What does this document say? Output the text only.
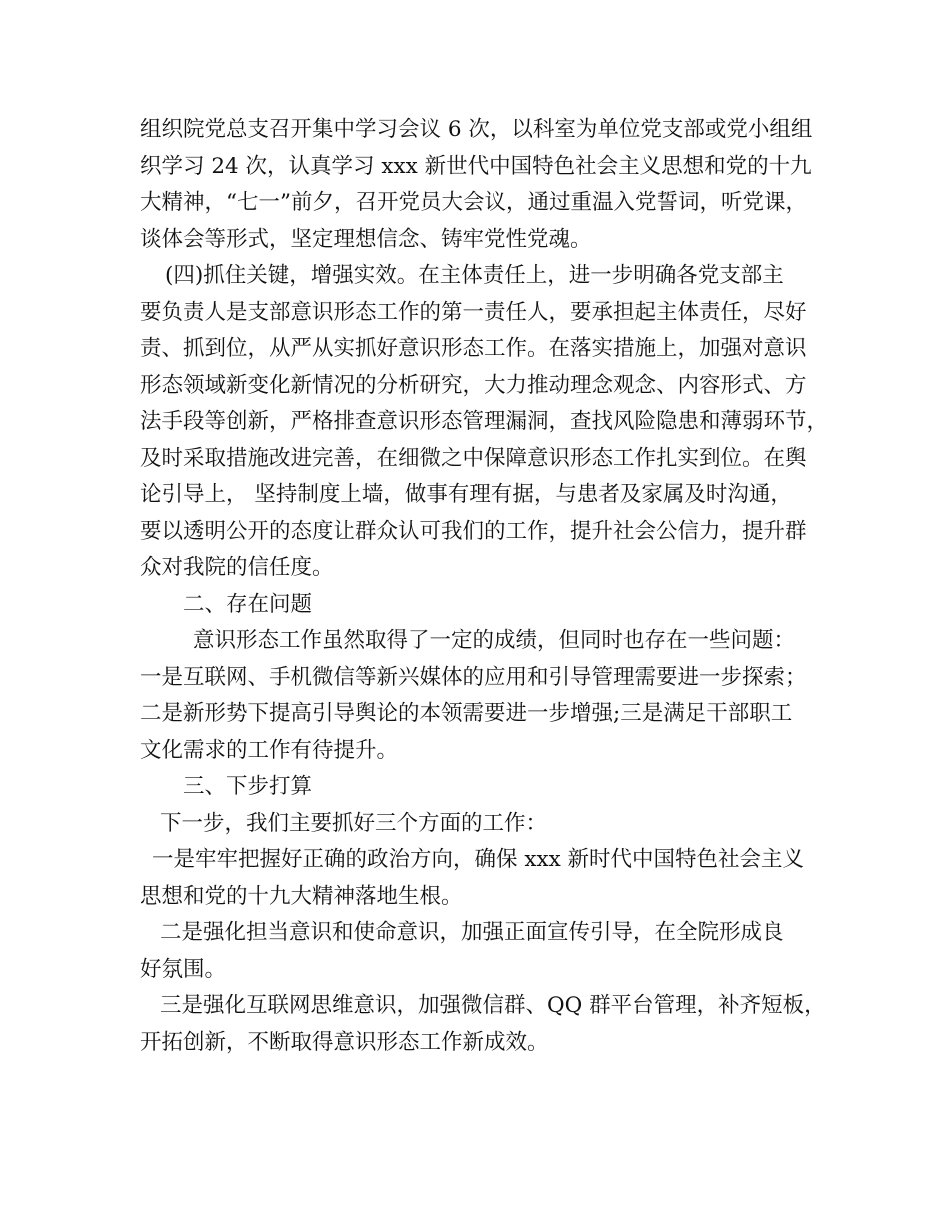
组织院党总支召开集中学习会议 6 次，以科室为单位党支部或党小组组
织学习 24 次，认真学习 xxx 新世代中国特色社会主义思想和党的十九
大精神，“七一”前夕，召开党员大会议，通过重温入党誓词，听党课，
谈体会等形式，坚定理想信念、铸牢党性党魂。
(四)抓住关键，增强实效。在主体责任上，进一步明确各党支部主
要负责人是支部意识形态工作的第一责任人，要承担起主体责任，尽好
责、抓到位，从严从实抓好意识形态工作。在落实措施上，加强对意识
形态领域新变化新情况的分析研究，大力推动理念观念、内容形式、方
法手段等创新，严格排查意识形态管理漏洞，查找风险隐患和薄弱环节，
及时采取措施改进完善，在细微之中保障意识形态工作扎实到位。在舆
论引导上， 坚持制度上墙，做事有理有据，与患者及家属及时沟通，
要以透明公开的态度让群众认可我们的工作，提升社会公信力，提升群
众对我院的信任度。
二、存在问题
意识形态工作虽然取得了一定的成绩，但同时也存在一些问题：
一是互联网、手机微信等新兴媒体的应用和引导管理需要进一步探索；
二是新形势下提高引导舆论的本领需要进一步增强;三是满足干部职工
文化需求的工作有待提升。
三、下步打算
下一步，我们主要抓好三个方面的工作：
一是牢牢把握好正确的政治方向，确保 xxx 新时代中国特色社会主义
思想和党的十九大精神落地生根。
二是强化担当意识和使命意识，加强正面宣传引导，在全院形成良
好氛围。
三是强化互联网思维意识，加强微信群、QQ 群平台管理，补齐短板，
开拓创新，不断取得意识形态工作新成效。
